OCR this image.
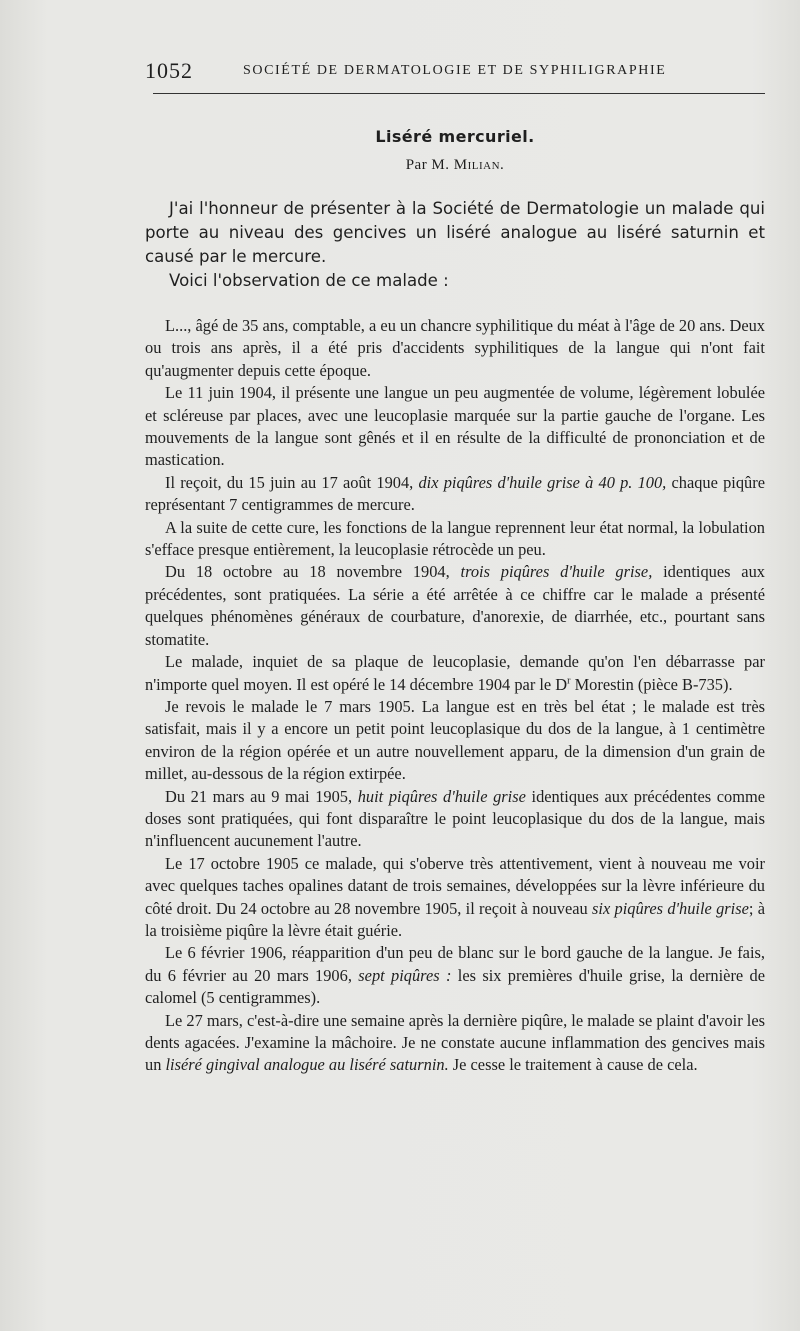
1052	SOCIÉTÉ DE DERMATOLOGIE ET DE SYPHILIGRAPHIE
Liséré mercuriel.
Par M. Milian.

J'ai l'honneur de présenter à la Société de Dermatologie un malade qui porte au niveau des gencives un liséré analogue au liséré saturnin et causé par le mercure.

Voici l'observation de ce malade :

L..., âgé de 35 ans, comptable, a eu un chancre syphilitique du méat à l'âge de 20 ans. Deux ou trois ans après, il a été pris d'accidents syphilitiques de la langue qui n'ont fait qu'augmenter depuis cette époque.

Le 11 juin 1904, il présente une langue un peu augmentée de volume, légèrement lobulée et scléreuse par places, avec une leucoplasie marquée sur la partie gauche de l'organe. Les mouvements de la langue sont gênés et il en résulte de la difficulté de prononciation et de mastication.

Il reçoit, du 15 juin au 17 août 1904, dix piqûres d'huile grise à 40 p. 100, chaque piqûre représentant 7 centigrammes de mercure.

A la suite de cette cure, les fonctions de la langue reprennent leur état normal, la lobulation s'efface presque entièrement, la leucoplasie rétrocède un peu.

Du 18 octobre au 18 novembre 1904, trois piqûres d'huile grise, identiques aux précédentes, sont pratiquées. La série a été arrêtée à ce chiffre car le malade a présenté quelques phénomènes généraux de courbature, d'anorexie, de diarrhée, etc., pourtant sans stomatite.

Le malade, inquiet de sa plaque de leucoplasie, demande qu'on l'en débarrasse par n'importe quel moyen. Il est opéré le 14 décembre 1904 par le $D^r$ Morestin (pièce B-735).

Je revois le malade le 7 mars 1905. La langue est en très bel état ; le malade est très satisfait, mais il y a encore un petit point leucoplasique du dos de la langue, à 1 centimètre environ de la région opérée et un autre nouvellement apparu, de la dimension d'un grain de millet, au-dessous de la région extirpée.

Du 21 mars au 9 mai 1905, huit piqûres d'huile grise identiques aux précédentes comme doses sont pratiquées, qui font disparaître le point leucoplasique du dos de la langue, mais n'influencent aucunement l'autre.

Le 17 octobre 1905 ce malade, qui s'oberve très attentivement, vient à nouveau me voir avec quelques taches opalines datant de trois semaines, développées sur la lèvre inférieure du côté droit. Du 24 octobre au 28 novembre 1905, il reçoit à nouveau six piqûres d'huile grise; à la troisième piqûre la lèvre était guérie.

Le 6 février 1906, réapparition d'un peu de blanc sur le bord gauche de la langue. Je fais, du 6 février au 20 mars 1906, sept piqûres : les six premières d'huile grise, la dernière de calomel (5 centigrammes).

Le 27 mars, c'est-à-dire une semaine après la dernière piqûre, le malade se plaint d'avoir les dents agacées. J'examine la mâchoire. Je ne constate aucune inflammation des gencives mais un liséré gingival analogue au liséré saturnin. Je cesse le traitement à cause de cela.
